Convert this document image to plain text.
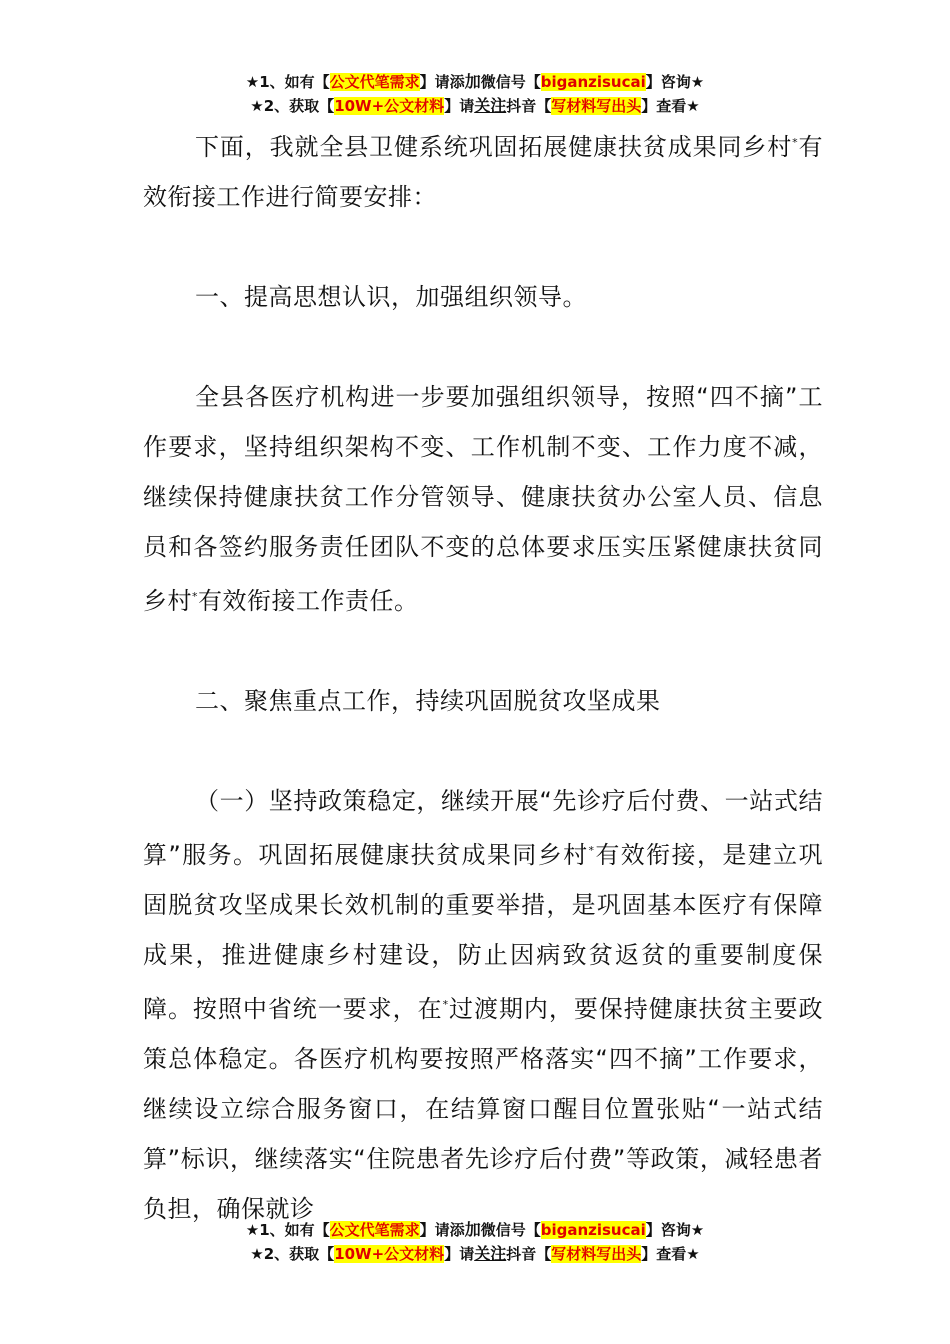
★1、如有【公文代笔需求】请添加微信号【biganzisucai】咨询★
★2、获取【10W+公文材料】请关注抖音【写材料写出头】查看★

下面，我就全县卫健系统巩固拓展健康扶贫成果同乡村*有效衔接工作进行简要安排：

一、提高思想认识，加强组织领导。

全县各医疗机构进一步要加强组织领导，按照“四不摘”工作要求，坚持组织架构不变、工作机制不变、工作力度不减，继续保持健康扶贫工作分管领导、健康扶贫办公室人员、信息员和各签约服务责任团队不变的总体要求压实压紧健康扶贫同乡村*有效衔接工作责任。

二、聚焦重点工作，持续巩固脱贫攻坚成果

（一）坚持政策稳定，继续开展“先诊疗后付费、一站式结算”服务。巩固拓展健康扶贫成果同乡村*有效衔接，是建立巩固脱贫攻坚成果长效机制的重要举措，是巩固基本医疗有保障成果，推进健康乡村建设，防止因病致贫返贫的重要制度保障。按照中省统一要求，在*过渡期内，要保持健康扶贫主要政策总体稳定。各医疗机构要按照严格落实“四不摘”工作要求，继续设立综合服务窗口，在结算窗口醒目位置张贴“一站式结算”标识，继续落实“住院患者先诊疗后付费”等政策，减轻患者负担，确保就诊

★1、如有【公文代笔需求】请添加微信号【biganzisucai】咨询★
★2、获取【10W+公文材料】请关注抖音【写材料写出头】查看★
